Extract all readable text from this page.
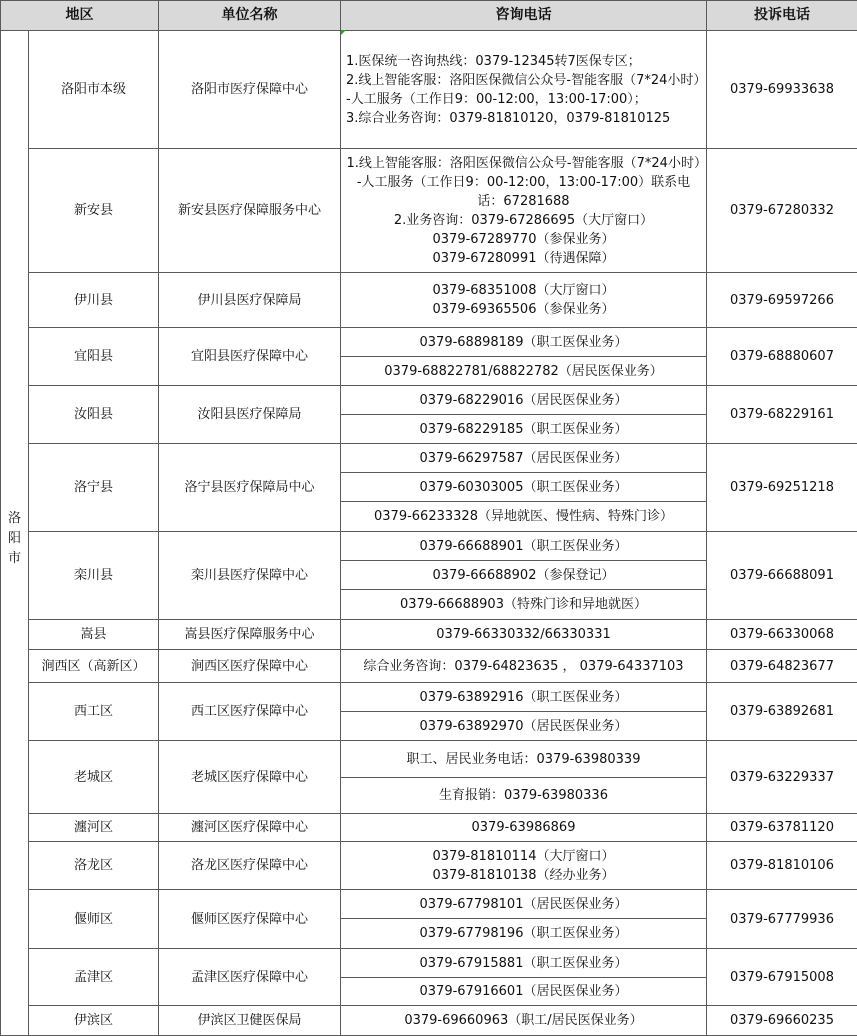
地区		单位名称	咨询电话	投诉电话

洛
阳
市	洛阳市本级	洛阳市医疗保障中心	1.医保统一咨询热线：0379-12345转7医保专区；
2.线上智能客服：洛阳医保微信公众号-智能客服（7*24小时）-人工服务（工作日9：00-12:00，13:00-17:00）；
3.综合业务咨询：0379-81810120，0379-81810125	0379-69933638
	新安县	新安县医疗保障服务中心	1.线上智能客服：洛阳医保微信公众号-智能客服（7*24小时）-人工服务（工作日9：00-12:00，13:00-17:00）联系电话：67281688
2.业务咨询：0379-67286695（大厅窗口）
0379-67289770（参保业务）
0379-67280991（待遇保障）	0379-67280332
	伊川县	伊川县医疗保障局	0379-68351008（大厅窗口）
0379-69365506（参保业务）	0379-69597266
	宜阳县	宜阳县医疗保障中心	0379-68898189（职工医保业务）	0379-68880607

			0379-68822781/68822782（居民医保业务）	

	汝阳县	汝阳县医疗保障局	0379-68229016（居民医保业务）	0379-68229161

			0379-68229185（职工医保业务）	

	洛宁县	洛宁县医疗保障局中心	0379-66297587（居民医保业务）	0379-69251218

			0379-60303005（职工医保业务）	

			0379-66233328（异地就医、慢性病、特殊门诊）	

	栾川县	栾川县医疗保障中心	0379-66688901（职工医保业务）	0379-66688091

			0379-66688902（参保登记）	

			0379-66688903（特殊门诊和异地就医）	

	嵩县	嵩县医疗保障服务中心	0379-66330332/66330331	0379-66330068
	涧西区（高新区）	涧西区医疗保障中心	综合业务咨询：0379-64823635 ， 0379-64337103	0379-64823677
	西工区	西工区医疗保障中心	0379-63892916（职工医保业务）	0379-63892681

			0379-63892970（居民医保业务）	

	老城区	老城区医疗保障中心	职工、居民业务电话：0379-63980339	0379-63229337

			生育报销：0379-63980336	

	瀍河区	瀍河区医疗保障中心	0379-63986869	0379-63781120
	洛龙区	洛龙区医疗保障中心	0379-81810114（大厅窗口）
0379-81810138（经办业务）	0379-81810106
	偃师区	偃师区医疗保障中心	0379-67798101（居民医保业务）	0379-67779936

			0379-67798196（职工医保业务）	

	孟津区	孟津区医疗保障中心	0379-67915881（职工医保业务）	0379-67915008

			0379-67916601（居民医保业务）	

	伊滨区	伊滨区卫健医保局	0379-69660963（职工/居民医保业务）	0379-69660235
